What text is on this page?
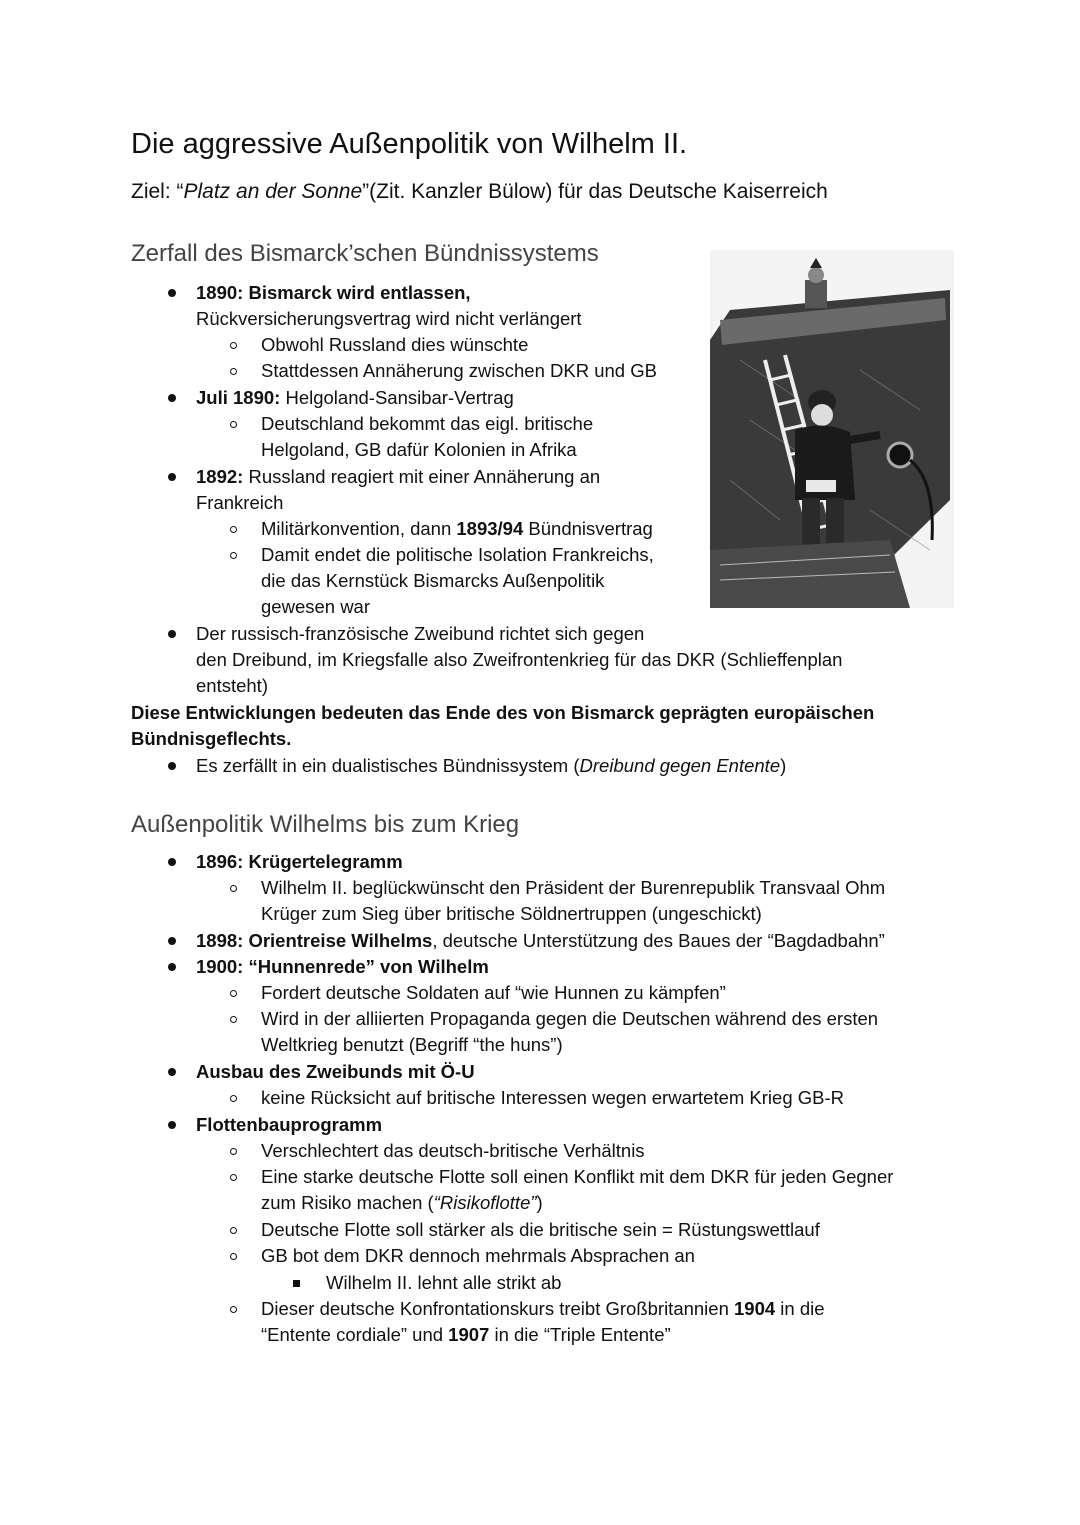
Die aggressive Außenpolitik von Wilhelm II.
Ziel: “Platz an der Sonne”(Zit. Kanzler Bülow) für das Deutsche Kaiserreich
Zerfall des Bismarck’schen Bündnissystems
1890: Bismarck wird entlassen,
Rückversicherungsvertrag wird nicht verlängert
Obwohl Russland dies wünschte
Stattdessen Annäherung zwischen DKR und GB
Juli 1890: Helgoland-Sansibar-Vertrag
Deutschland bekommt das eigl. britische
Helgoland, GB dafür Kolonien in Afrika
1892: Russland reagiert mit einer Annäherung an
Frankreich
Militärkonvention, dann 1893/94 Bündnisvertrag
Damit endet die politische Isolation Frankreichs,
die das Kernstück Bismarcks Außenpolitik
gewesen war
Der russisch-französische Zweibund richtet sich gegen
den Dreibund, im Kriegsfalle also Zweifrontenkrieg für das DKR (Schlieffenplan
entsteht)
Diese Entwicklungen bedeuten das Ende des von Bismarck geprägten europäischen
Bündnisgeflechts.
Es zerfällt in ein dualistisches Bündnissystem (Dreibund gegen Entente)
Außenpolitik Wilhelms bis zum Krieg
1896: Krügertelegramm
Wilhelm II. beglückwünscht den Präsident der Burenrepublik Transvaal Ohm
Krüger zum Sieg über britische Söldnertruppen (ungeschickt)
1898: Orientreise Wilhelms, deutsche Unterstützung des Baues der “Bagdadbahn”
1900: “Hunnenrede” von Wilhelm
Fordert deutsche Soldaten auf “wie Hunnen zu kämpfen”
Wird in der alliierten Propaganda gegen die Deutschen während des ersten
Weltkrieg benutzt (Begriff “the huns”)
Ausbau des Zweibunds mit Ö-U
keine Rücksicht auf britische Interessen wegen erwartetem Krieg GB-R
Flottenbauprogramm
Verschlechtert das deutsch-britische Verhältnis
Eine starke deutsche Flotte soll einen Konflikt mit dem DKR für jeden Gegner
zum Risiko machen (“Risikoflotte”)
Deutsche Flotte soll stärker als die britische sein = Rüstungswettlauf
GB bot dem DKR dennoch mehrmals Absprachen an
Wilhelm II. lehnt alle strikt ab
Dieser deutsche Konfrontationskurs treibt Großbritannien 1904 in die
“Entente cordiale” und 1907 in die “Triple Entente”
